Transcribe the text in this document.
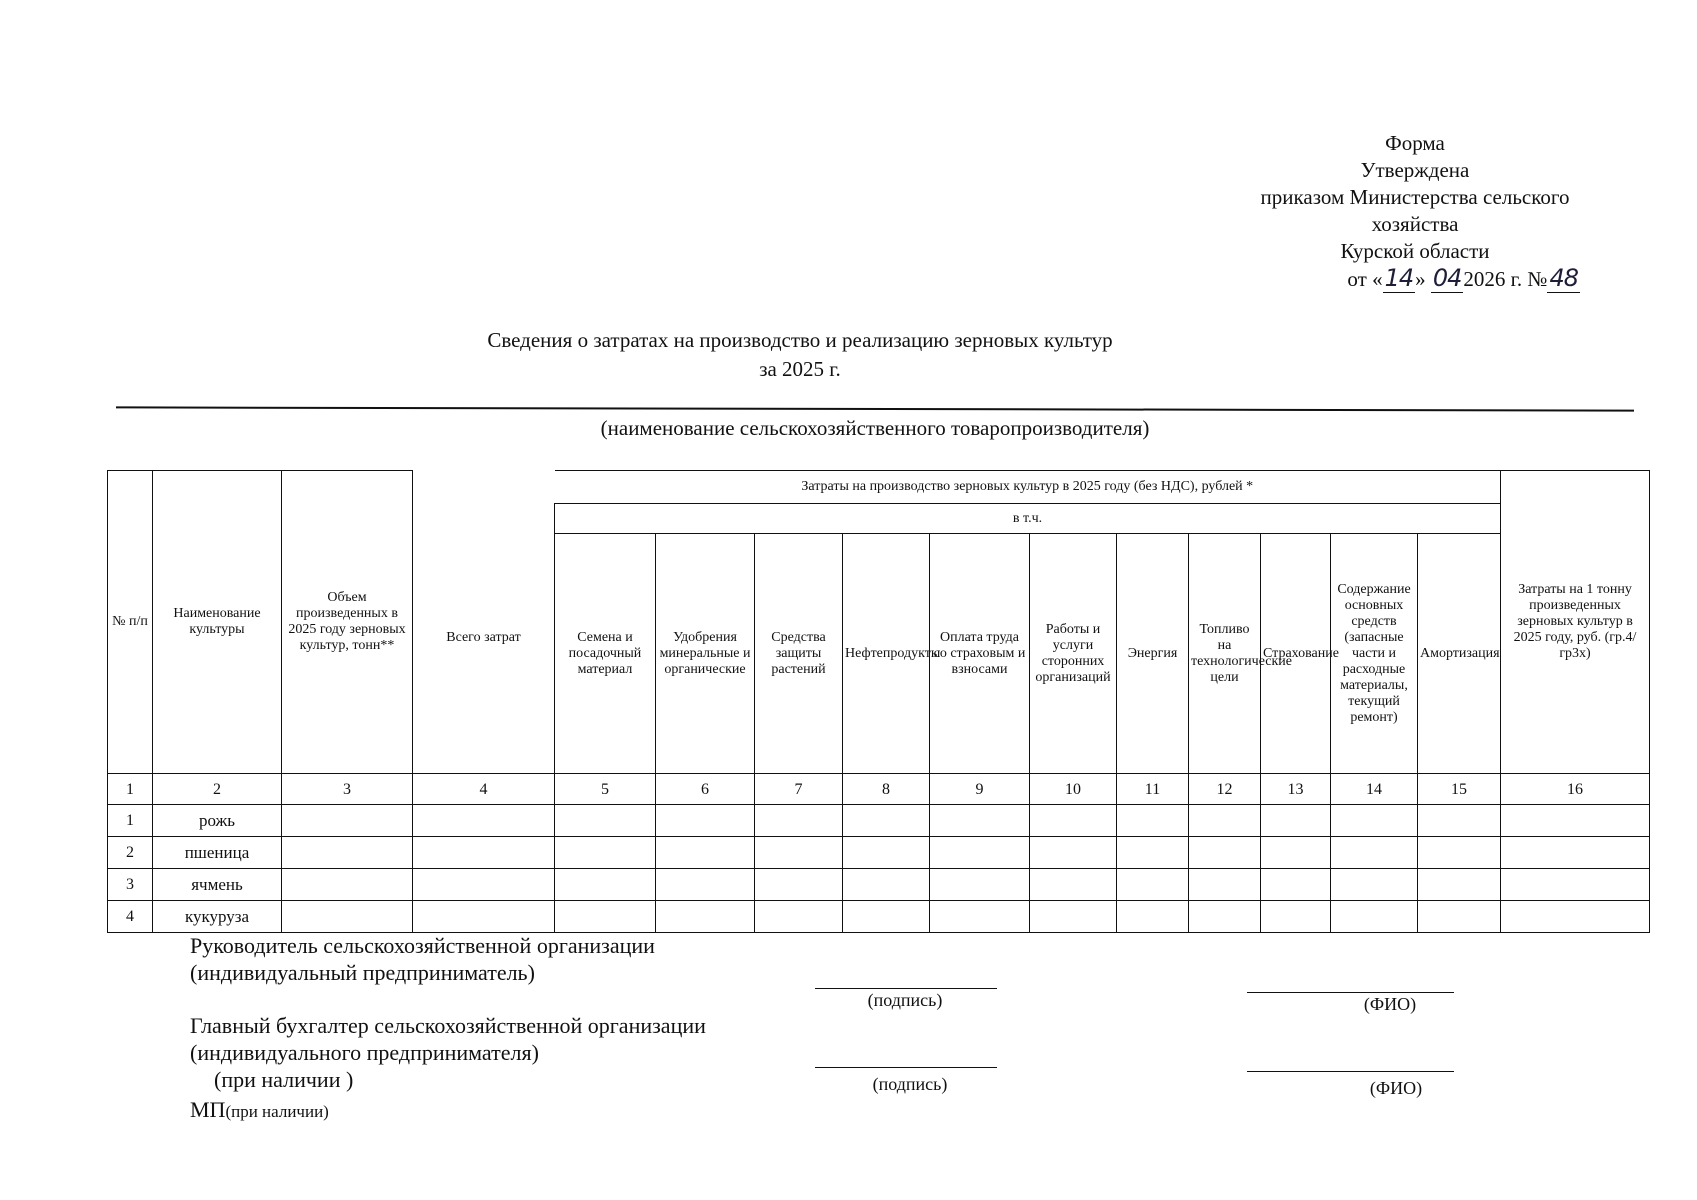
Форма
Утверждена
приказом Министерства сельского
хозяйства
Курской области
от «14» 042026 г. №48
Сведения о затратах на производство и реализацию зерновых культур
за 2025 г.
(наименование сельскохозяйственного товаропроизводителя)
№ п/п	Наименование культуры	Объем произведенных в 2025 году зерновых культур, тонн**		Затраты на производство зерновых культур в 2025 году (без НДС), рублей *											Затраты на 1 тонну произведенных зерновых культур в 2025 году, руб. (гр.4/гр3х)
			Всего затрат	в т.ч.											
				Семена и посадочный материал	Удобрения минеральные и органические	Средства защиты растений	Нефтепродукты	Оплата труда со страховым и взносами	Работы и услуги сторонних организаций	Энергия	Топливо на технологические цели	Страхование	Содержание основных средств (запасные части и расходные материалы, текущий ремонт)	Амортизация	
1	2	3	4	5	6	7	8	9	10	11	12	13	14	15	16
1	рожь														
2	пшеница														
3	ячмень														
4	кукуруза														
Руководитель сельскохозяйственной организации
(индивидуальный предприниматель)
(подпись)	(ФИО)
Главный бухгалтер сельскохозяйственной организации
(индивидуального предпринимателя)
(при наличии )	(подпись)	(ФИО)
МП(при наличии)
